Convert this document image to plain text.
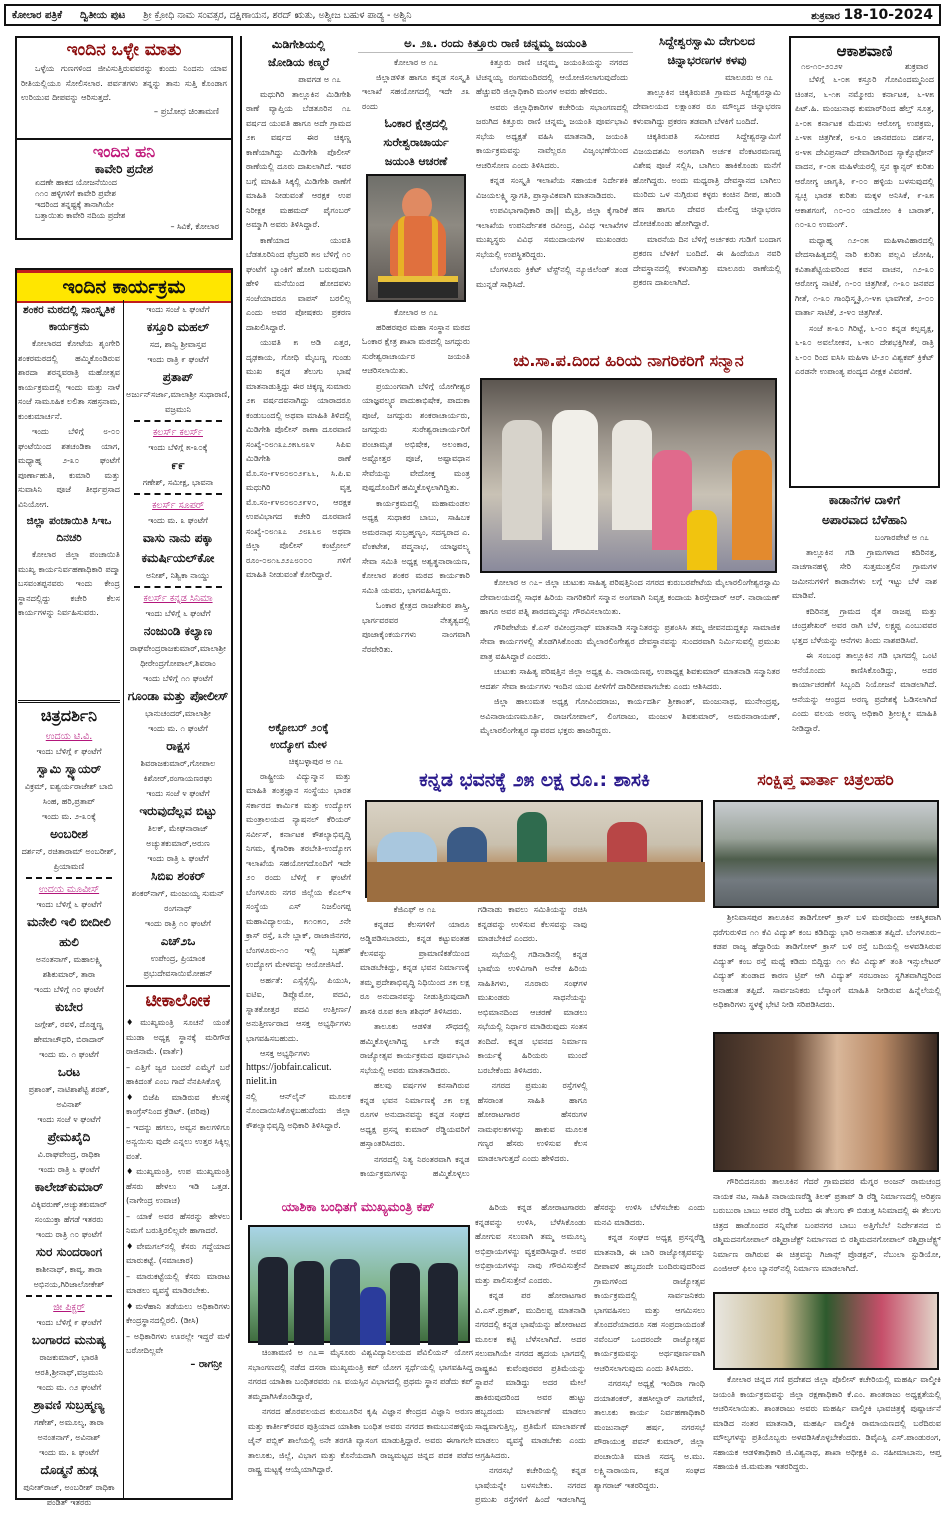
ಕೋಲಾರ ಪತ್ರಿಕೆ ದ್ವಿತೀಯ ಪುಟ ಶ್ರೀ ಕ್ರೋಧಿ ನಾಮ ಸಂವತ್ಸರ, ದಕ್ಷಿಣಾಯನ, ಶರದ್ ಋತು, ಅಶ್ವೀಜ ಬಹುಳ ಪಾಡ್ಯ - ಅಶ್ವಿನಿ	ಶುಕ್ರವಾರ 18-10-2024
ಇಂದಿನ ಒಳ್ಳೇ ಮಾತು
ಒಳ್ಳೆಯ ಗುಣಗಳಿಂದ ಜೀವಿಸುತ್ತಿರುವವರನ್ನು ಕುಂದು ನಿಂದನು ಯಾವ ರೀತಿಯಲ್ಲಿಯೂ ಸೋಲಿಸಲಾರ. ಪರ್ವತಗಳು ತನ್ನನ್ನು ತಾನು ಸುತ್ತಿ ಕೊಂಡಾಗ ಉರಿಯುವ ದೀಪವನ್ನು ಆರಿಸುತ್ತದೆ.
– ಪ್ರಬೋಧ ಚಿಂತಾಮಣಿ
ಇಂದಿನ ಹನಿ
ಕಾವೇರಿ ಪ್ರದೇಶ
ಏದಣೇ ಹಾಕದ ಯೋಜನೆಯಿಂದ
೧೧೦ ಹಳ್ಳಿಗಳಿಗೆ ಕಾವೇರಿ ಪ್ರವೇಶ
ಇದರಿಂದ ತನ್ನಷ್ಟಕ್ಕೆ ತಾನಾಗಿಯೇ
ಬತ್ತಾಯಿತು ಕಾವೇರಿ ನದಿಯ ಪ್ರದೇಶ
– ಸಿವಿಕೆ, ಕೋಲಾರ
ಇಂದಿನ ಕಾರ್ಯಕ್ರಮ
ಶಂಕರ ಮಠದಲ್ಲಿ ಸಾಂಸ್ಕೃತಿಕ ಕಾರ್ಯಕ್ರಮ
ಕೋಲಾರದ ಕೋಟೆಯ ಶೃಂಗೇರಿ ಶಂಕರಮಠದಲ್ಲಿ ಹಮ್ಮಿಕೊಂಡಿರುವ ಶಾರದಾ ಶರನ್ನವರಾತ್ರಿ ಮಹೋತ್ಸವ ಕಾರ್ಯಕ್ರಮದಲ್ಲಿ ಇಂದು ಮತ್ತು ನಾಳೆ ಸಂಜೆ ಸಾಮೂಹಿಕ ಲಲಿತಾ ಸಹಸ್ರನಾಮ, ಕುಂಕುಮಾರ್ಚನೆ.
ಇಂದು ಬೆಳಿಗ್ಗೆ ೮-೦೦ ಘಂಟೆಯಿಂದ ಶತಚಂಡಿಕಾ ಯಾಗ, ಮಧ್ಯಾಹ್ನ ೨-೩೦ ಘಂಟೆಗೆ ಪೂರ್ಣಾಹುತಿ, ಕುಮಾರಿ ಮತ್ತು ಸುವಾಸಿನಿ ಪೂಜೆ ತೀರ್ಥಪ್ರಸಾದ ವಿನಿಯೋಗ.
ಜಿಲ್ಲಾ ಪಂಚಾಯಿತಿ ಸಿಇಒ ದಿನಚರಿ
ಕೋಲಾರ ಜಿಲ್ಲಾ ಪಂಚಾಯಿತಿ ಮುಖ್ಯ ಕಾರ್ಯನಿರ್ವಹಣಾಧಿಕಾರಿ ಪದ್ಮಾ ಬಸವಂತಪ್ಪನವರು ಇಂದು ಕೇಂದ್ರ ಸ್ಥಾನದಲ್ಲಿದ್ದು ಕಚೇರಿ ಕೆಲಸ ಕಾರ್ಯಗಳನ್ನು ನಿರ್ವಹಿಸುವರು.
ಇಂದು ಸಂಜೆ ೬ ಘಂಟೆಗೆ
ಕಸ್ತೂರಿ ಮಹಲ್
ಸದ, ಶಾನ್ವಿ ಶ್ರೀವಾಸ್ತವ
ಇಂದು ರಾತ್ರಿ ೯ ಘಂಟೆಗೆ
ಪ್ರತಾಪ್
ಅರ್ಜುನ್‌ಸರ್ಜಾ,ಮಾಲಾಶ್ರೀ ಸುಧಾರಾಣಿ, ವಜ್ರಮುನಿ
ಕಲರ್ಸ್ ಕಲರ್ಸ್
ಇಂದು ಬೆಳಿಗ್ಗೆ ೫-೩೦ಕ್ಕೆ
೯೯
ಗಣೇಶ್, ಸಮೀಕ್ಷ, ಭಾವನಾ
ಕಲರ್ಸ್ ಸೂಪರ್
ಇಂದು ಮ. ೩ ಘಂಟೆಗೆ
ವಾಸು ನಾನು ಪಕ್ಕಾ ಕಮರ್ಷಿಯಲ್‌ಕೋ
ಅನೀಶ್, ನಿಶ್ವಿಕಾ ನಾಯ್ಡು
ಕಲರ್ಸ್ ಕನ್ನಡ ಸಿನಿಮಾ
ಇಂದು ಬೆಳಿಗ್ಗೆ ೬ ಘಂಟೆಗೆ
ನಂಜುಂಡಿ ಕಲ್ಯಾಣ
ರಾಘವೇಂದ್ರರಾಜಕುಮಾರ್,ಮಾಲಾಶ್ರೀ ಧೀರೇಂದ್ರಗೋಪಾಲ್,ಶಿವರಾಂ
ಇಂದು ಬೆಳಿಗ್ಗೆ ೧೧ ಘಂಟೆಗೆ
ಗೂಂಡಾ ಮತ್ತು ಪೋಲೀಸ್
ಭಾನುಚಂದರ್,ಮಾಲಾಶ್ರೀ
ಇಂದು ಮ. ೧ ಘಂಟೆಗೆ
ರಾಕ್ಷಸ
ಶಿವರಾಜಕುಮಾರ್,ಗೋಪಾಲ ಕಿಶೋರ್,ರಂಗಾಯಣರಘು
ಇಂದು ಸಂಜೆ ೪ ಘಂಟೆಗೆ
ಇರುವುದೆಲ್ಲವ ಬಿಟ್ಟು
ತಿಲಕ್, ಮೇಘನಾರಾಜ್ ಅಚ್ಯುತಕುಮಾರ್,ಅರುಣ
ಇಂದು ರಾತ್ರಿ ೬ ಘಂಟೆಗೆ
ಸಿಬಿಐ ಶಂಕರ್
ಶಂಕರ್‌ನಾಗ್, ಮಂಜುಯ್ಯ ಸುಮನ್ ರಂಗನಾಥ್
ಇಂದು ರಾತ್ರಿ ೧೦ ಘಂಟೆಗೆ
ಎಚ್‌೨ಒ
ಉಪೇಂದ್ರ, ಪ್ರಿಯಾಂಕ ಪ್ರಭುದೇವಸಾಯಿಮೋಹನ್
ಚಿತ್ರದರ್ಶಿನಿ
ಉದಯ ಟಿ.ವಿ.
ಇಂದು ಬೆಳಿಗ್ಗೆ ೯ ಘಂಟೆಗೆ
ಸ್ವಾಮಿ ಸ್ವ್ಯಾಯರ್
ವಿಕ್ರಮ್, ಐಶ್ವರ್ಯರಾಜೇಶ್ ಬಾಬಿ ಸಿಂಹ, ಹರಿ,ಪ್ರತಾಪ್
ಇಂದು ಮ. ೨-೩೦ಕ್ಕೆ
ಅಂಬರೀಶ
ದರ್ಶನ್, ರಚಿತಾರಾಮ್ ಅಂಬರೀಶ್, ಪ್ರಿಯಾಮಣಿ
ಉದಯ ಮೂವೀಸ್
ಇಂದು ಬೆಳಿಗ್ಗೆ ೬ ಘಂಟೆಗೆ
ಮನೇಲಿ ಇಲಿ ಬೀದೀಲಿ ಹುಲಿ
ಅನಂತನಾಗ್, ಮಹಾಲಕ್ಷ್ಮಿ ಶಶಿಕುಮಾರ್, ತಾರಾ
ಇಂದು ಬೆಳಿಗ್ಗೆ ೧೦ ಘಂಟೆಗೆ
ಕುಬೇರ
ಜಗ್ಗೇಶ್, ರವಳಿ, ದೊಡ್ಡಣ್ಣ ಹೇಮಾಚೌಧರಿ, ಬಿರಾದಾರ್
ಇಂದು ಮ. ೧ ಘಂಟೆಗೆ
ಒರಟ
ಪ್ರಶಾಂತ್, ನಾಟಿಶಾಶೆಟ್ಟಿ ಶರತ್, ಅವಿನಾಶ್
ಇಂದು ಸಂಜೆ ೪ ಘಂಟೆಗೆ
ಪ್ರೇಮಖೈದಿ
ವಿ.ರಾಘವೇಂದ್ರ, ರಾಧಿಕಾ
ಇಂದು ರಾತ್ರಿ ೬ ಘಂಟೆಗೆ
ಕಾಲೇಜ್‌ಕುಮಾರ್
ವಿಕ್ಕಿವರುಣ್,ಅಚ್ಯುತಕುಮಾರ್ ಸಂಯುಕ್ತಾ ಹೆಗಡೆ ಇತರರು
ಇಂದು ರಾತ್ರಿ ೧೦ ಘಂಟೆಗೆ
ಸುರ ಸುಂದರಾಂಗ
ಕಾಶೀನಾಥ್, ಕಾವ್ಯ, ತಾರಾ ಅಭಿನಯ,ಗಿರಿಜಾಲೋಕೇಶ್
ಜೀ ಪಿಕ್ಚರ್
ಇಂದು ಬೆಳಿಗ್ಗೆ ೯ ಘಂಟೆಗೆ
ಬಂಗಾರದ ಮನುಷ್ಯ
ರಾಜಕುಮಾರ್, ಭಾರತಿ ಆರತಿ,ಶ್ರೀನಾಥ್,ವಜ್ರಮುನಿ
ಇಂದು ಮ. ೧೨ ಘಂಟೆಗೆ
ಶ್ರಾವಣಿ ಸುಬ್ರಹ್ಮಣ್ಯ
ಗಣೇಶ್, ಅಮೂಲ್ಯ, ತಾರಾ ಅನಂತನಾಗ್, ಅವಿನಾಶ್
ಇಂದು ಮ. ೩ ಘಂಟೆಗೆ
ದೊಡ್ಮನೆ ಹುಡ್ಗ
ಪುನೀತ್‌ರಾಜ್, ಅಂಬರೀಶ್ ರಾಧಿಕಾ ಪಂಡಿತ್ ಇತರರು
ಟೀಕಾಲೋಕ
♦ಮುಖ್ಯಮಂತ್ರಿ ಸೂಚನೆ ಯಂತೆ ಮುಡಾ ಅಧ್ಯಕ್ಷ ಸ್ಥಾನಕ್ಕೆ ಮರಿಗೌಡ ರಾಜಿನಾಮೆ. (ವಾರ್ತೆ)
– ಎತ್ತಿಗೆ ಜ್ವರ ಬಂದರೆ ಎಮ್ಮೆಗೆ ಬರೆ ಹಾಕಿದಂತೆ ಎಂಬ ಗಾದೆ ನೆನಪಿಸಿಕೊಳ್ಳಿ
♦ಬಿಜೆಪಿ ಮಾಡಿರುವ ಕೆಲಸಕ್ಕೆ ಕಾಂಗ್ರೆಸ್‌ನಿಂದ ಕ್ರೆಡಿಟ್. (ಪರಿಪು)
– ಇದನ್ನು ಹಗಲು, ಅವ್ವನ ಕಾಲಗಳಿಗೂ ಅನ್ವಯಿಸು ವುದೇ ಎನ್ನಲು ಉತ್ತರ ಸಿಕ್ಕಿಲ್ಲ ವಂತೆ.
♦ಮುಖ್ಯಮಂತ್ರಿ, ಉಪ ಮುಖ್ಯಮಂತ್ರಿ ಹೆಸರು ಹೇಳಲು ಇಡಿ ಒತ್ತಡ. (ನಾಗೇಂದ್ರ ಉವಾಚ)
– ಯಾಕೆ ಅವರ ಹೆಸರನ್ನು ಹೇಳಲು ನಿಮಗೆ ಬರುತ್ತಿರಲಿಲ್ಲವೇ ಹಾಗಾದರೆ.
♦ವೇಮಗಲ್‌ನಲ್ಲಿ ಕೆಸರು ಗದ್ದೆಯಾದ ಮಾರುಕಟ್ಟೆ. (ಸಮಾಚಾರ)
– ಮಾರುಕಟ್ಟೆಯಲ್ಲಿ ಕೆಸರು ಮಾರಾಟ ಮಾಡಲು ವ್ಯವಸ್ಥೆ ಮಾಡಿರಬೇಕು.
♦ಮಳೆಹಾನಿ ತಡೆಯಲು ಅಧಿಕಾರಿಗಳು ಕೇಂದ್ರಸ್ಥಾನದಲ್ಲಿರಲಿ. (ಡೀಸಿ)
– ಅಧಿಕಾರಿಗಳು ಊರಲ್ಲೇ ಇದ್ದರೆ ಮಳೆ ಬರೋದಿಲ್ಲವೇ
– ರಾಗನ್ರೀ
ಮಿಡಿಗೇಶಿಯಲ್ಲಿ
ಜೋಡಿಯ ಕಣ್ಮರೆ
ಪಾವಗಡ ಅ ೧೭
ಮಧುಗಿರಿ ತಾಲ್ಲೂಕಿನ ಮಿಡಿಗೇಶಿ ಠಾಣೆ ವ್ಯಾಪ್ತಿಯ ಬೆಡತೂರಿನ ೧೭ ವರ್ಷದ ಯುವತಿ ಹಾಗೂ ಅದೇ ಗ್ರಾಮದ ೨೫ ವರ್ಷದ ಈರ ಚಿಕ್ಕಣ್ಣ ಕಾಣೆಯಾಗಿದ್ದು ಮಿಡಿಗೇಶಿ ಪೊಲೀಸ್ ಠಾಣೆಯಲ್ಲಿ ದೂರು ದಾಖಲಾಗಿದೆ. ಇವರ ಬಗ್ಗೆ ಮಾಹಿತಿ ಸಿಕ್ಕಲ್ಲಿ ಮಿಡಿಗೇಶಿ ಠಾಣೆಗೆ ಮಾಹಿತಿ ನೀಡುವಂತೆ ಆರಕ್ಷಕ ಉಪ ನಿರೀಕ್ಷಕ ಮಹಮದ್ ಪೈಗಂಬರ್ ಅಮ್ಮಾಗಿ ಅವರು ತಿಳಿಸಿದ್ದಾರೆ.
ಕಾಣೆಯಾದ ಯುವತಿ ಬೆಡತೂರಿನಿಂದ ಫೆಬ್ರವರಿ ೫೮ ಬೆಳಿಗ್ಗೆ ೧೦ ಘಂಟೆಗೆ ಬ್ಯಾಂಕಿಗೆ ಹೋಗಿ ಬರುವುದಾಗಿ ಹೇಳಿ ಮನೆಯಿಂದ ಹೋದವಳು ಸಂಜೆಯಾದರೂ ವಾಪಸ್ ಬರಲಿಲ್ಲ ಎಂದು ಅವರ ಪೋಷಕರು ಪ್ರಕರಣ ದಾಖಲಿಸಿದ್ದಾರೆ.
ಯುವತಿ ೫ ಅಡಿ ಎತ್ತರ, ದೃಢಕಾಯ, ಗೋಧಿ ಮೈಬಣ್ಣ ಗುಂಡು ಮುಖ ಕನ್ನಡ ತೆಲುಗು ಭಾಷೆ ಮಾತನಾಡುತ್ತಿದ್ದು ಈರ ಚಿಕ್ಕಣ್ಣ ಸುಮಾರು ೨೫ ವರ್ಷದವನಾಗಿದ್ದು ಯಾರಾದರೂ ಕಂಡುಬಂದಲ್ಲಿ ಅಥವಾ ಮಾಹಿತಿ ತಿಳಿದಲ್ಲಿ ಮಿಡಿಗೇಶಿ ಪೊಲೀಸ್ ಠಾಣಾ ದೂರವಾಣಿ ಸಂಖ್ಯೆ-೦೮೧೩೭೨೫೬೮೩೪ ಸಿಪಿಐ ಮಿಡಿಗೇಶಿ ಠಾಣೆ ಮೊ.ಸಂ-೯೪೮೦೮೦೨೯೬೬, ಸಿ.ಪಿ.ಐ ಮಧುಗಿರಿ ವೃತ್ತ ಮೊ.ಸಂ-೯೪೮೦೮೦೨೯೪೦, ಆರಕ್ಷಕ ಉಪವಿಭಾಗದ ಕಚೇರಿ ದೂರವಾಣಿ ಸಂಖ್ಯೆ-೦೮೧೩೭ ೨೮೩೬೮ ಅಥವಾ ಜಿಲ್ಲಾ ಪೊಲೀಸ್ ಕಂಟ್ರೋಲ್ ರೂಂ-೦೮೧೬೨೨೭೮೦೦೦ ಗಳಿಗೆ ಮಾಹಿತಿ ನೀಡುವಂತೆ ಕೋರಿದ್ದಾರೆ.
ಅಕ್ಟೋಬರ್ ೨೦ಕ್ಕೆ
ಉದ್ಯೋಗ ಮೇಳ
ಚಿಕ್ಕಬಳ್ಳಾಪುರ ಅ ೧೭
ರಾಷ್ಟ್ರೀಯ ವಿದ್ಯುನ್ಮಾನ ಮತ್ತು ಮಾಹಿತಿ ತಂತ್ರಜ್ಞಾನ ಸಂಸ್ಥೆಯು ಭಾರತ ಸರ್ಕಾರದ ಕಾರ್ಮಿಕ ಮತ್ತು ಉದ್ಯೋಗ ಮಂತ್ರಾಲಯದ ನ್ಯಾಷನಲ್ ಕೆರಿಯರ್ ಸರ್ವೀಸ್, ಕರ್ನಾಟಕ ಕೌಶಲ್ಯಾಭಿವೃದ್ಧಿ ನಿಗಮ, ಕೈಗಾರಿಕಾ ತರಬೇತಿ-ಉದ್ಯೋಗ ಇಲಾಖೆಯ ಸಹಯೋಗದೊಂದಿಗೆ ಇದೇ ೨೦ ರಂದು ಬೆಳಿಗ್ಗೆ ೯ ಘಂಟೆಗೆ ಬೆಂಗಳೂರು ನಗರ ಜಿಲ್ಲೆಯ ಕೆಎಲ್‌ಇ ಸಂಸ್ಥೆಯ ಎಸ್ ನಿಜಲಿಂಗಪ್ಪ ಮಹಾವಿದ್ಯಾಲಯ, ೫೧೦೫೦, ೨ನೇ ಕ್ರಾಸ್ ರಸ್ತೆ, ೩ನೇ ಬ್ಲಾಕ್, ರಾಜಾಜಿನಗರ, ಬೆಂಗಳೂರು-೧೦ ಇಲ್ಲಿ ಬೃಹತ್ ಉದ್ಯೋಗ ಮೇಳವನ್ನು ಆಯೋಜಿಸಿದೆ.
ಅರ್ಹತೆ: ಎಸ್ಸೆಸ್ಸೆಲ್ಸಿ, ಪಿಯುಸಿ, ಐಟಿಐ, ಡಿಪ್ಲೊಮೋ, ಪದವಿ, ಸ್ನಾತಕೋತ್ತರ ಪದವಿ ಉತ್ತೀರ್ಣ/ಅನುತ್ತೀರ್ಣರಾದ ಆಸಕ್ತ ಅಭ್ಯರ್ಥಿಗಳು ಭಾಗವಹಿಸಬಹುದು.
ಆಸಕ್ತ ಅಭ್ಯರ್ಥಿಗಳು
https://jobfair.calicut. nielit.in
ನಲ್ಲಿ ಆನ್‌ಲೈನ್ ಮೂಲಕ ನೊಂದಾಯಿಸಿಕೊಳ್ಳಬಹುದೆಂದು ಜಿಲ್ಲಾ ಕೌಶಲ್ಯಾಭಿವೃದ್ಧಿ ಅಧಿಕಾರಿ ತಿಳಿಸಿದ್ದಾರೆ.
ಅ. ೨೩. ರಂದು ಕಿತ್ತೂರು ರಾಣಿ ಚನ್ನಮ್ಮ ಜಯಂತಿ
ಕೋಲಾರ ಅ ೧೭
ಜಿಲ್ಲಾಡಳಿತ ಹಾಗೂ ಕನ್ನಡ ಸಂಸ್ಕೃತಿ ಇಲಾಖೆ ಸಹಯೋಗದಲ್ಲಿ ಇದೇ ೨೩ ರಂದು
ಓಂಕಾರ ಕ್ಷೇತ್ರದಲ್ಲಿ
ಸುರೇಶ್ವರಾಚಾರ್ಯ
ಜಯಂತಿ ಆಚರಣೆ
ಕೋಲಾರ ಅ ೧೭
ಹರಿಹರಪುರ ಮಹಾ ಸಂಸ್ಥಾನ ಮಠದ ಓಂಕಾರ ಕ್ಷೇತ್ರ ಶಾಖಾ ಮಠದಲ್ಲಿ ಜಗದ್ಗುರು ಸುರೇಶ್ವರಾಚಾರ್ಯರ ಜಯಂತಿ ಆಚರಿಸಲಾಯಿತು.
ಪ್ರಯುಂಗವಾಗಿ ಬೆಳಿಗ್ಗೆ ಯೋಗೀಶ್ವರ ಯಾಜ್ಞವಲ್ಕ್ಯರ ಪಾದುಕಾಭಿಷೇಕ, ಪಾದುಕಾ ಪೂಜೆ, ಜಗದ್ಗುರು ಶಂಕರಾಚಾರ್ಯರು, ಜಗದ್ಗುರು ಸುರೇಶ್ವರಾಚಾರ್ಯರಿಗೆ ಪಂಚಾಮೃತ ಅಭಿಷೇಕ, ಅಲಂಕಾರ, ಅಷ್ಟೋತ್ತರ ಪೂಜೆ, ಅಷ್ಟಾವಧಾನ ಸೇವೆಯನ್ನು ವೇದೋಕ್ತ ಮಂತ್ರ ಪುಷ್ಪದೊಂದಿಗೆ ಹಮ್ಮಿಕೊಳ್ಳಲಾಗಿದ್ದಿತು.
ಕಾರ್ಯಕ್ರಮದಲ್ಲಿ ಮಹಾಮಂಡಲ ಅಧ್ಯಕ್ಷ ಸುಧಾಕರ ಬಾಬು, ಸಾಹಿಬಕ ಅಮರನಾಥ ಸುಬ್ರಹ್ಮಣ್ಯಂ, ಸದಸ್ಯರಾದ ಎ. ವೆಂಕಟೇಶ, ಪದ್ಮನಾಭ, ಯಾಜ್ಞವಲ್ಕ್ಯ ಸೇವಾ ಸಮಿತಿ ಅಧ್ಯಕ್ಷ ಅಶ್ವತ್ಥನಾರಾಯಣ, ಕೋಲಾರ ಶಂಕರ ಮಠದ ಕಾರ್ಯಕಾರಿ ಸಮಿತಿ ಯವರು, ಭಾಗವಹಿಸಿದ್ದರು.
ಓಂಕಾರ ಕ್ಷೇತ್ರದ ರಾಜಶೇಖರ ಶಾಸ್ತ್ರಿ, ಭಾರ್ಗವರವರ ನೇತೃತ್ವದಲ್ಲಿ ಪೂಜಾಕೈಂಕರ್ಯಗಳು ನಾಂಗವಾಗಿ ನೆರವೇರಿತು.
ಕಿತ್ತೂರು ರಾಣಿ ಚನ್ನಮ್ಮ ಜಯಂತಿಯನ್ನು ನಗರದ ಟಿಚನ್ನಯ್ಯ ರಂಗಮಂದಿರದಲ್ಲಿ ಆಯೋಜಿಸಲಾಗುವುದೆಂದು ಹೆಚ್ಚುವರಿ ಜಿಲ್ಲಾಧಿಕಾರಿ ಮಂಗಳ ಅವರು ಹೇಳಿದರು.
ಅವರು ಜಿಲ್ಲಾಧಿಕಾರಿಗಳ ಕಚೇರಿಯ ಸಭಾಂಗಣದಲ್ಲಿ ಜರುಗಿದ ಕಿತ್ತೂರು ರಾಣಿ ಚನ್ನಮ್ಮ ಜಯಂತಿ ಪೂರ್ವಭಾವಿ ಸಭೆಯ ಅಧ್ಯಕ್ಷತೆ ವಹಿಸಿ ಮಾತನಾಡಿ, ಜಯಂತಿ ಕಾರ್ಯಕ್ರಮವನ್ನು ನಾವೆಲ್ಲರೂ ವಿಜೃಂಭಣೆಯಿಂದ ಆಚರಿಸೋಣ ಎಂದು ತಿಳಿಸಿದರು.
ಕನ್ನಡ ಸಂಸ್ಕೃತಿ ಇಲಾಖೆಯ ಸಹಾಯಕ ನಿರ್ದೇಶಕಿ ವಿಜಯಲಕ್ಷ್ಮಿ ಸ್ವಾಗತಿ, ಪ್ರಾಸ್ತಾವಿಕವಾಗಿ ಮಾತನಾಡಿದರು.
ಉಪವಿಭಾಗಾಧಿಕಾರಿ ಡಾ|| ಮೈತ್ರಿ, ಜಿಲ್ಲಾ ಕೈಗಾರಿಕೆ ಇಲಾಖೆಯ ಉಪನಿರ್ದೇಶಕ ರವೀಂದ್ರ, ವಿವಿಧ ಇಲಾಖೆಗಳ ಮುಖ್ಯಸ್ಥರು ವಿವಿಧ ಸಮುದಾಯಗಳ ಮುಖಂಡರು ಸಭೆಯಲ್ಲಿ ಉಪಸ್ಥಿತರಿದ್ದರು.
ಬೆಂಗಳೂರು ಕ್ರಿಕೆಟ್ ಟೆಸ್ಟ್‌ನಲ್ಲಿ ನ್ಯೂಜಿಲೆಂಡ್ ತಂಡ ಮುನ್ನಡೆ ಸಾಧಿಸಿದೆ.
ಸಿದ್ದೇಶ್ವರಸ್ವಾಮಿ ದೇಗುಲದ
ಚಿನ್ನಾಭರಣಗಳ ಕಳವು
ಮಾಲೂರು ಅ ೧೭
ತಾಲ್ಲೂಕಿನ ಚಿಕ್ಕತಿರುಪತಿ ಗ್ರಾಮದ ಸಿದ್ದೇಶ್ವರಸ್ವಾಮಿ ದೇವಾಲಯದ ಲಕ್ಷಾಂತರ ರೂ ಮೌಲ್ಯದ ಚಿನ್ನಾಭರಣ ಕಳುವಾಗಿದ್ದು ಪ್ರಕರಣ ತಡವಾಗಿ ಬೆಳಕಿಗೆ ಬಂದಿದೆ.
ಚಿಕ್ಕತಿರುಪತಿ ಸಮೀಪದ ಸಿದ್ದೇಶ್ವರಸ್ವಾಮಿಗೆ ವಿಜಯದಶಮಿ ಅಂಗವಾಗಿ ಅರ್ಚಕ ವೆಂಕಟರಮಣಪ್ಪ ವಿಶೇಷ ಪೂಜೆ ಸಲ್ಲಿಸಿ, ಬಾಗಿಲು ಹಾಕಿಕೊಂಡು ಮನೆಗೆ ಹೋಗಿದ್ದರು. ಅಂದು ಮಧ್ಯರಾತ್ರಿ ದೇವಸ್ಥಾನದ ಬಾಗಿಲು ಮುರಿದು ಒಳ ನುಗ್ಗಿರುವ ಕಳ್ಳರು ಕಂಚಿನ ದೀಪ, ಹುಂಡಿ ಹಣ ಹಾಗೂ ದೇವರ ಮೇಲಿದ್ದ ಚಿನ್ನಾಭರಣ ದೋಚಿಕೊಂಡು ಹೋಗಿದ್ದಾರೆ.
ಮಾರನೆಯ ದಿನ ಬೆಳಿಗ್ಗೆ ಅರ್ಚಕರು ಗುಡಿಗೆ ಬಂದಾಗ ಪ್ರಕರಣ ಬೆಳಕಿಗೆ ಬಂದಿದೆ. ಈ ಹಿಂದೆಯೂ ನವರಿ ದೇವಸ್ಥಾನದಲ್ಲಿ ಕಳುವಾಗಿತ್ತು ಮಾಲೂರು ಠಾಣೆಯಲ್ಲಿ ಪ್ರಕರಣ ದಾಖಲಾಗಿದೆ.
ಚು.ಸಾ.ಪ.ದಿಂದ ಹಿರಿಯ ನಾಗರಿಕರಿಗೆ ಸನ್ಮಾನ
ಕೋಲಾರ ಅ ೧೭– ಜಿಲ್ಲಾ ಚುಟುಕು ಸಾಹಿತ್ಯ ಪರಿಷತ್ತಿನಿಂದ ನಗರದ ಕುರುಬರಪೇಟೆಯ ಮೈಲಾರಲಿಂಗೇಶ್ವರಸ್ವಾಮಿ ದೇವಾಲಯದಲ್ಲಿ ಸಾಧಕ ಹಿರಿಯ ನಾಗರಿಕರಿಗೆ ಸನ್ಮಾನ ಅಂಗವಾಗಿ ನಿವೃತ್ತ ಕಂದಾಯ ಶಿರಸ್ತೇದಾರ್ ಆರ್. ನಾರಾಯಣ್ ಹಾಗೂ ಅವರ ಪತ್ನಿ ಶಾರದಮ್ಮನನ್ನು ಗೌರವಿಸಲಾಯಿತು.
ಗೌರಿಪೇಟೆಯ ಕೆ.ಎಸ್ ರವೀಂದ್ರನಾಥ್ ಮಾತನಾಡಿ ಸನ್ಮಾನಿತರನ್ನು ಪ್ರಶಂಸಿಸಿ ತಮ್ಮ ಜೀವನದುದ್ದಕ್ಕೂ ಸಾಮಾಜಿಕ ಸೇವಾ ಕಾರ್ಯಗಳಲ್ಲಿ ತೊಡಗಿಸಿಕೊಂಡು ಮೈಲಾರಲಿಂಗೇಶ್ವರ ದೇವಸ್ಥಾನವನ್ನು ಸುಂದರವಾಗಿ ನಿರ್ಮಿಸುವಲ್ಲಿ ಪ್ರಮುಖ ಪಾತ್ರ ವಹಿಸಿದ್ದಾರೆ ಎಂದರು.
ಚುಟುಕು ಸಾಹಿತ್ಯ ಪರಿಷತ್ತಿನ ಜಿಲ್ಲಾ ಅಧ್ಯಕ್ಷ ಪಿ. ನಾರಾಯಣಪ್ಪ, ಉಪಾಧ್ಯಕ್ಷ ಶಿವಕುಮಾರ್ ಮಾತನಾಡಿ ಸನ್ಮಾನಿತರ ಆದರ್ಶ ಸೇವಾ ಕಾರ್ಯಗಳು ಇಂದಿನ ಯುವ ಪೀಳಿಗೆಗೆ ದಾರಿದೀಪವಾಗಬೇಕು ಎಂದು ಆಶಿಸಿದರು.
ಜಿಲ್ಲಾ ಹಾಲುಮತ ಅಧ್ಯಕ್ಷ ಗೋವಿಂದರಾಜು, ಕಾರ್ಯದರ್ಶಿ ಶ್ರೀಕಾಂತ್, ಮಂಜುನಾಥ, ಮುನೇಂದ್ರಪ್ಪ, ಅವಿನಾರಾಯಣಮೂರ್ತಿ, ರಾಜಗೋಪಾಲ್, ಲಿಂಗರಾಜು, ಮಂಜುಳ ಶಿವಕುಮಾರ್, ಅಮರನಾರಾಯಣ್, ಮೈಲಾರಲಿಂಗೇಶ್ವರ ದ್ಯಾವರದ ಭಕ್ತರು ಹಾಜರಿದ್ದರು.
ಆಕಾಶವಾಣಿ
೧೮-೧೦-೨೦೨೪	ಶುಕ್ರವಾರ
ಬೆಳಿಗ್ಗೆ ೬-೦೫ ಕಸ್ತೂರಿ ಗೋವಿಂದಮ್ಮನಿಂದ ಚಿಂತನ, ೬-೧೫ ನಮ್ಮೋರು ಕರ್ನಾಟಕ, ೬-೪೫ ಪಿಟ್.ಹಿ. ಮಂಜುನಾಥ ಕುಮಾರ್‌ರಿಂದ ಹೆಲ್ತ್ ಸೂತ್ರ, ೭-೦೫ ಕರ್ನಾಟಕ ಮೆದುಳು ಆರೋಗ್ಯ ಉಪಕ್ರಮ, ೭-೪೫ ಚಿತ್ರಗೀತೆ, ೮-೩೦ ಜಾನಪದಂಬ ದರ್ಶನ, ೮-೪೫ ದೇವಿಪ್ರಸಾದ್ ದೇವಾಡಿಗರಿಂದ ಸ್ಯಾಕ್ಸೊಫೋನ್ ವಾದನ, ೯-೦೫ ಮಹಿಳೆಯರಲ್ಲಿ ಸ್ತನ ಕ್ಯಾನ್ಸರ್ ಕುರಿತು ಆರೋಗ್ಯ ಜಾಗೃತಿ, ೯-೦೦ ಹಳ್ಳಿಯ ಬಳಸುವುದಲ್ಲಿ ಸ್ವಚ್ಛ ಭಾರತ ಕುರಿತು ಮಕ್ಕಳ ಅನಿಸಿಕೆ, ೯-೩೫ ಆಕಾಶಗಂಗೆ, ೧೦-೦೦ ಯಾದೋಂ ಕಿ ಬಾರಾತ್, ೧೦-೩೦ ಉಮಂಗ್.
ಮಧ್ಯಾಹ್ನ ೧೨-೦೫ ಮಹಿಳಾವಿಹಾರದಲ್ಲಿ ವೇದಸಾಹಿತ್ಯದಲ್ಲಿ ನಾರಿ ಕುರಿತು ಪಲ್ಲವಿ ಜೋಷಿ, ಕವಿತಾಶೆಟ್ಟಿಯವರಿಂದ ಕವನ ವಾಚನ, ೧೨-೩೦ ಆರೋಗ್ಯ ನಾಟಿಕೆ, ೧-೦೦ ಚಿತ್ರಗೀತೆ, ೧-೩೦ ಜನಪದ ಗೀತೆ, ೧-೩೦ ಗಾಂಧಿಸ್ಮೃತಿ,೧-೪೫ ಭಾವಗೀತೆ, ೨-೦೦ ವಾರ್ತಾ ಸಾಟಿಕೆ, ೨-೪೦ ಚಿತ್ರಗೀತೆ.
ಸಂಜೆ ೫-೩೦ ಗಿರಿಟ್ಟೆ, ೬-೦೦ ಕನ್ನಡ ಕಲ್ಪವೃಕ್ಷ, ೬-೩೦ ಅವಲೋಕನ, ೬-೫೦ ದೇಶಭಕ್ತಿಗೀತೆ, ರಾತ್ರಿ ೬-೦೦ ರಿಂದ ಐಸಿಸಿ ಮಹಿಳಾ ಟಿ-೨೦ ವಿಶ್ವಕಪ್ ಕ್ರಿಕೆಟ್ ಎರಡನೇ ಉಪಾಂತ್ಯ ಪಂದ್ಯದ ವೀಕ್ಷಕ ವಿವರಣೆ.
ಕಾಡಾನೆಗಳ ದಾಳಿಗೆ
ಅಪಾರವಾದ ಬೆಳೆಹಾನಿ
ಬಂಗಾರಪೇಟೆ ಅ ೧೭
ತಾಲ್ಲೂಕಿನ ಗಡಿ ಗ್ರಾಮಗಳಾದ ಕದಿರಿನತ್ತ, ನಾಚಗಾನಹಳ್ಳಿ ಸೇರಿ ಸುತ್ತಮುತ್ತಲಿನ ಗ್ರಾಮಗಳ ಜಮೀನುಗಳಿಗೆ ಕಾಡಾನೆಗಳು ಲಗ್ಗೆ ಇಟ್ಟು ಬೆಳೆ ನಾಶ ಮಾಡಿವೆ.
ಕದಿರಿನತ್ತ ಗ್ರಾಮದ ರೈತ ರಾಜಪ್ಪ ಮತ್ತು ಚಂದ್ರಶೇಖರ್ ಅವರ ರಾಗಿ ಬೆಳೆ, ಲಕ್ಷ್ಮಪ್ಪ ಎಂಬುವವರ ಭತ್ತದ ಬೆಳೆಯನ್ನು ಆನೆಗಳು ತಿಂದು ನಾಶಪಡಿಸಿವೆ.
ಈ ಸಂಬಂಧ ತಾಲ್ಲೂಕಿನ ಗಡಿ ಭಾಗದಲ್ಲಿ ಒಂಟಿ ಆನೆಯೊಂದು ಕಾಣಿಸಿಕೊಂಡಿದ್ದು, ಅದರ ಕಾರ್ಯಾಚರಣೆಗೆ ಸಿಬ್ಬಂದಿ ನಿಯೋಜನೆ ಮಾಡಲಾಗಿದೆ. ಆನೆಯನ್ನು ಆಂಧ್ರದ ಅರಣ್ಯ ಪ್ರದೇಶಕ್ಕೆ ಓಡಿಸಲಾಗಿದೆ ಎಂದು ವಲಯ ಅರಣ್ಯ ಅಧಿಕಾರಿ ಶ್ರೀಲಕ್ಷ್ಮೀ ಮಾಹಿತಿ ನೀಡಿದ್ದಾರೆ.
ಕನ್ನಡ ಭವನಕ್ಕೆ ೨೫ ಲಕ್ಷ ರೂ.: ಶಾಸಕಿ
ಕೆಜಿಎಫ್ ಅ ೧೭
ಕನ್ನಡದ ಕೆಲಸಗಳಿಗೆ ಯಾರೂ ಅಡ್ಡಿಪಡಿಸಬಾರದು, ಕನ್ನಡ ಕಟ್ಟುವಂತಹ ಕೆಲಸವನ್ನು ಪ್ರಾಮಾಣಿಕತೆಯಿಂದ ಮಾಡಬೇಕಿದ್ದು, ಕನ್ನಡ ಭವನ ನಿರ್ಮಾಣಕ್ಕೆ ತಮ್ಮ ಪ್ರದೇಶಾಭಿವೃದ್ಧಿ ನಿಧಿಯಿಂದ ೨೫ ಲಕ್ಷ ರೂ ಅನುದಾನವನ್ನು ನೀಡುತ್ತಿರುವುದಾಗಿ ಶಾಸಕಿ ರೂಪ ಕಲಾ ಶಶಿಧರ್ ತಿಳಿಸಿದರು.
ತಾಲೂಕು ಆಡಳಿತ ಸೌಧದಲ್ಲಿ ಹಮ್ಮಿಕೊಳ್ಳಲಾಗಿದ್ದ ೬೯ನೇ ಕನ್ನಡ ರಾಜ್ಯೋತ್ಸವ ಕಾರ್ಯಕ್ರಮದ ಪೂರ್ವಭಾವಿ ಸಭೆಯಲ್ಲಿ ಅವರು ಮಾತನಾಡಿದರು.
ಹಲವು ವರ್ಷಗಳ ಕನಸಾಗಿರುವ ಕನ್ನಡ ಭವನ ನಿರ್ಮಾಣಕ್ಕೆ ೨೫ ಲಕ್ಷ ರೂಗಳ ಅನುದಾನವನ್ನು ಕನ್ನಡ ಸಂಘದ ಅಧ್ಯಕ್ಷ ಪ್ರಸನ್ನ ಕುಮಾರ್ ರೆಡ್ಡಿಯವರಿಗೆ ಹಸ್ತಾಂತರಿಸಿದರು.
ನಗರದಲ್ಲಿ ನಿತ್ಯ ನಿರಂತರವಾಗಿ ಕನ್ನಡ ಕಾರ್ಯಕ್ರಮಗಳನ್ನು ಹಮ್ಮಿಕೊಳ್ಳಲು ಗಡಿನಾಡು ಕಾವಲು ಸಮಿತಿಯನ್ನು ರಚಿಸಿ ಕನ್ನಡವನ್ನು ಉಳಿಸುವ ಕೆಲಸವನ್ನು ನಾವು ಮಾಡಬೇಕಿದೆ ಎಂದರು.
ಸಭೆಯಲ್ಲಿ ಗಡಿನಾಡಿನಲ್ಲಿ ಕನ್ನಡ ಭಾಷೆಯ ಉಳಿವಿಗಾಗಿ ಅನೇಕ ಹಿರಿಯ ಸಾಹಿತಿಗಳು, ನೂರಾರು ಸಂಘಗಳ ಮುಖಂಡರು ಸಾಧನೆಯನ್ನು ಅಭಿಮಾನದಿಂದ ಆಚರಣೆ ಮಾಡಲು ಸಭೆಯಲ್ಲಿ ನಿರ್ಧಾರ ಮಾಡಿರುವುದು ಸಂತಸ ತಂದಿದೆ. ಕನ್ನಡ ಭವನದ ನಿರ್ಮಾಣ ಕಾರ್ಯಕ್ಕೆ ಹಿರಿಯರು ಮುಂದೆ ಬರಬೇಕೆಂದು ತಿಳಿಸಿದರು.
ನಗರದ ಪ್ರಮುಖ ರಸ್ತೆಗಳಲ್ಲಿ ಹೆಸರಾಂತ ಸಾಹಿತಿ ಹಾಗೂ ಹೋರಾಟಗಾರರ ಹೆಸರುಗಳ ನಾಮಫಲಕಗಳನ್ನು ಹಾಕುವ ಮೂಲಕ ಗಣ್ಯರ ಹೆಸರು ಉಳಿಸುವ ಕೆಲಸ ಮಾಡಲಾಗುತ್ತದೆ ಎಂದು ಹೇಳಿದರು.
ಹಿರಿಯ ಕನ್ನಡ ಹೋರಾಟಗಾರರು ಕನ್ನಡವನ್ನು ಉಳಿಸಿ, ಬೆಳೆಸಿಕೊಂಡು ಹೋಗುವ ಸಲುವಾಗಿ ತಮ್ಮ ಅಮೂಲ್ಯ ಅಭಿಪ್ರಾಯಗಳನ್ನು ವ್ಯಕ್ತಪಡಿಸಿದ್ದಾರೆ. ಅವರ ಅಭಿಪ್ರಾಯಗಳನ್ನು ನಾವು ಗೌರವಿಸುತ್ತೇನೆ ಮತ್ತು ಪಾಲಿಸುತ್ತೇನೆ ಎಂದರು.
ಕನ್ನಡ ಪರ ಹೋರಾಟಗಾರ ವಿ.ಎಸ್.ಪ್ರಕಾಶ್, ಮುದಿಲಪ್ಪ ಮಾತನಾಡಿ ನಗರದಲ್ಲಿ ಕನ್ನಡ ಭಾಷೆಯನ್ನು ಹೋರಾಟದ ಮೂಲಕ ಕಟ್ಟಿ ಬೆಳೆಸಲಾಗಿದೆ. ಅದರ ಸಲುವಾಗಿಯೇ ನಗರದ ಹೃದಯ ಭಾಗದಲ್ಲಿ ರಾಷ್ಟ್ರಕವಿ ಕುವೆಂಪುರವರ ಪ್ರತಿಮೆಯನ್ನು ಸ್ಥಾಪನೆ ಮಾಡಿದ್ದು ಅದರ ಮೇಲೆ ಹಾಕಿರುವುದರಿಂದ ಅವರ ಹುಟ್ಟು ಹಬ್ಬದಂದು ಮಾಲಾರ್ಪಣೆ ಮಾಡಲು ಸಾಧ್ಯವಾಗುತ್ತಿಲ್ಲ, ಪ್ರತಿಮೆಗೆ ಮಾಲಾರ್ಪಣೆ ಮಾಡಲು ವ್ಯವಸ್ಥೆ ಮಾಡಬೇಕು ಎಂದು ಆಗ್ರಹಿಸಿದರು.
ನಗರಸಭೆ ಕಚೇರಿಯಲ್ಲಿ ಕನ್ನಡ ಭಾಷೆಯನ್ನೇ ಬಳಸಬೇಕು. ನಗರದ ಪ್ರಮುಖ ರಸ್ತೆಗಳಿಗೆ ಹಿಂದೆ ಇಡಲಾಗಿದ್ದ ಹೆಸರನ್ನು ಉಳಿಸಿ ಬೆಳೆಸಬೇಕು ಎಂದು ಮನವಿ ಮಾಡಿದರು.
ಕನ್ನಡ ಸಂಘದ ಅಧ್ಯಕ್ಷ ಪ್ರಸನ್ನರೆಡ್ಡಿ ಮಾತನಾಡಿ, ಈ ಬಾರಿ ರಾಜ್ಯೋತ್ಸವವನ್ನು ದೀಪಾವಳಿ ಹಬ್ಬದಂದೇ ಬಂದಿರುವುದರಿಂದ ಗ್ರಾಮಗಳಿಂದ ರಾಜ್ಯೋತ್ಸವ ಕಾರ್ಯಕ್ರಮದಲ್ಲಿ ಸಾರ್ವಜನಿಕರು ಭಾಗವಹಿಸಲು ಮತ್ತು ಆಗಮಿಸಲು ತೊಂದರೆಯಾದರೂ ಸಹ ಸಂಪ್ರದಾಯದಂತೆ ನವೆಂಬರ್ ಒಂದರಂದೇ ರಾಜ್ಯೋತ್ಸವ ಕಾರ್ಯಕ್ರಮವನ್ನು ಅರ್ಥಪೂರ್ಣವಾಗಿ ಆಚರಿಸಲಾಗುವುದು ಎಂದು ತಿಳಿಸಿದರು.
ನಗರಸಭೆ ಅಧ್ಯಕ್ಷೆ ಇಂದಿರಾ ಗಾಂಧಿ ದಯಾಶಂಕರ್, ತಹಸೀಲ್ದಾರ್ ನಾಗವೇಣಿ, ತಾಲೂಕು ಕಾರ್ಯ ನಿರ್ವಹಣಾಧಿಕಾರಿ ಮಂಜುನಾಥ್ ಹರ್ಷ, ನಗರಸಭೆ ಪೌರಾಯುಕ್ತ ಪವನ್ ಕುಮಾರ್, ಜಿಲ್ಲಾ ಪಂಚಾಯಿತಿ ಮಾಜಿ ಸದಸ್ಯ ಅ.ಮು. ಲಕ್ಷ್ಮಿನಾರಾಯಣ, ಕನ್ನಡ ಸಂಘದ ಶ್ಯಾಗರಾಜ್ ಇತರರಿದ್ದರು.
ಯಾಶಿಕಾ ಬಂಧಿತಗೆ ಮುಖ್ಯಮಂತ್ರಿ ಕಪ್
ಚಿಂತಾಮಣಿ ಅ ೧೭= ಮೈಸೂರು ವಿಶ್ವವಿದ್ಯಾನಿಲಯದ ಪೆವಿಲಿಯನ್ ಯೋಗ ಸಭಾಂಗಣದಲ್ಲಿ ನಡೆದ ದಸರಾ ಮುಖ್ಯಮಂತ್ರಿ ಕಪ್ ಯೋಗ ಸ್ಪರ್ಧೆಯಲ್ಲಿ ಭಾಗವಹಿಸಿದ್ದ ನಗರದ ಯಾಶಿಕಾ ಬಂಧಿತರವರು ೧೩ ವಯಸ್ಸಿನ ವಿಭಾಗದಲ್ಲಿ ಪ್ರಥಮ ಸ್ಥಾನ ಪಡೆದು ಕಪ್ ತಮ್ಮದಾಗಿಸಿಕೊಂಡಿದ್ದಾರೆ,
ನಗರದ ಹೊರವಲಯದ ಕುರುಬೂರಿನ ಕೃಷಿ ವಿಜ್ಞಾನ ಕೇಂದ್ರದ ವಿಜ್ಞಾನಿ ಅರುಣ ಮತ್ತು ಕಾರ್ತೀಕ್‌ರವರ ಪುತ್ರಿಯಾದ ಯಾಶಿಕಾ ಬಂಧಿತ ಅವರು ನಗರದ ಕಾಮಬುನಹಳ್ಳಿಯ ಜೈನ್ ಪಬ್ಲಿಕ್ ಶಾಲೆಯಲ್ಲಿ ೮ನೇ ತರಗತಿ ವ್ಯಾಸಂಗ ಮಾಡುತ್ತಿದ್ದಾರೆ. ಅವರು ಈಗಾಗಲೇ ತಾಲೂಕು, ಜಿಲ್ಲೆ, ವಿಭಾಗ ಮತ್ತು ಕೊನೆಯದಾಗಿ ರಾಜ್ಯಮಟ್ಟದ ಚಿನ್ನದ ಪದಕ ಪಡೆದ ರಾಷ್ಟ್ರ ಮಟ್ಟಕ್ಕೆ ಆಯ್ಕೆಯಾಗಿದ್ದಾರೆ.
ಸಂಕ್ಷಿಪ್ತ ವಾರ್ತಾ ಚಿತ್ರಲಹರಿ
ಶ್ರೀನಿವಾಸಪುರ ತಾಲೂಕಿನ ತಾಡಿಗೋಳ್ ಕ್ರಾಸ್ ಬಳಿ ಮರವೊಂದು ಆಕಸ್ಮಿಕವಾಗಿ ಧರೆಗುರುಳಿದ ೧೧ ಕೆವಿ ವಿದ್ಯುತ್ ಕಂಬ ಕಡಿದಿದ್ದು ಭಾರಿ ಅನಾಹುತ ತಪ್ಪಿದೆ. ಬೆಂಗಳೂರು–ಕಡಪ ರಾಜ್ಯ ಹೆದ್ದಾರಿಯ ತಾಡಿಗೋಳ್ ಕ್ರಾಸ್ ಬಳಿ ರಸ್ತೆ ಬದಿಯಲ್ಲಿ ಅಳವಡಿಸಿರುವ ವಿದ್ಯುತ್ ಕಂಬ ರಸ್ತೆ ಮಧ್ಯೆ ಕಡಿದು ಬಿದ್ದಿದ್ದು ೧೧ ಕೆವಿ ವಿದ್ಯುತ್ ತಂತಿ ಇನ್ಸುಲೇಟರ್ ವಿದ್ಯುತ್ ತುಂಡಾದ ಕಾರಣ ಟ್ರಿಪ್ ಆಗಿ ವಿದ್ಯುತ್ ಸರಬರಾಜು ಸ್ಥಗಿತವಾಗಿದ್ದರಿಂದ ಅನಾಹುತ ತಪ್ಪಿದೆ. ಸಾರ್ವಜನಿಕರು ಬೆಸ್ಕಾಂಗೆ ಮಾಹಿತಿ ನೀಡಿರುವ ಹಿನ್ನೆಲೆಯಲ್ಲಿ ಅಧಿಕಾರಿಗಳು ಸ್ಥಳಕ್ಕೆ ಭೇಟಿ ನೀಡಿ ಸರಿಪಡಿಸಿದರು.
ಗೌರಿಬಿದನೂರು ತಾಲೂಕಿನ ಗೆದರೆ ಗ್ರಾಮದವರ ಮೆಗ್ನರ ಅಂಜನ್ ರಾಮಚಂದ್ರ ನಾಯಕ ನಟ, ಸಾಹಿತಿ ನಾರಾಯಣರೆಡ್ಡಿ ತಿಲಕ್ ಪ್ರತಾಪ್ ಡಿ ರೆಡ್ಡಿ ನಿರ್ಮಾಣದಲ್ಲಿ ಅರಿಶ್ರಣ ಬರುಬುರಾ ಬಾಬು ಆವರ ರೆಡ್ಡಿ ಬರೆದು ಈ ತೆಲುಗು ಕೌ ಬಿಡುತ್ತ ಸಿನಿಮಾದಲ್ಲಿ ಈ ತೆಲುಗು ಚಿತ್ರದ ಹಾಡೊಂದರ ಸನ್ನಿವೇಶ ಬಂಪನಗರ ಬಾಬು ಅತ್ತಿಗೆಬೆಲೆ ನಿರ್ದೇಶನದ ಬಿ ರಶ್ಮಿಮದನಗೋಪಾಲ್ ರಶ್ಮಿಪ್ರಾಜೆಕ್ಟ್ ನಿರ್ಮಾಣದ ಬಿ ರಶ್ಮಿಮದನಗೋಪಾಲ್ ರಶ್ಮಿಪ್ರಾಜೆಕ್ಟ್ಸ್ ನಿರ್ಮಾಣ ರಾಗಿರುವ ಈ ಚಿತ್ರವನ್ನು ಗಿಜಾನ್ಸ್ ಪ್ರೊಡಕ್ಷನ್, ನೆಬುಲಾ ಸ್ಟುಡಿಯೋ, ಎಂಜಿಆರ್ ಫಿಲಂ ಬ್ಯಾನರ್‌ನಲ್ಲಿ ನಿರ್ಮಾಣ ಮಾಡಲಾಗಿದೆ.
ಕೋಲಾರ ಚಿನ್ನದ ಗಣಿ ಪ್ರದೇಶದ ಜಿಲ್ಲಾ ಪೊಲೀಸ್ ಕಚೇರಿಯಲ್ಲಿ ಮಹರ್ಷಿ ವಾಲ್ಮೀಕಿ ಜಯಂತಿ ಕಾರ್ಯಕ್ರಮವನ್ನು ಜಿಲ್ಲಾ ರಕ್ಷಣಾಧಿಕಾರಿ ಕೆ.ಎಂ. ಶಾಂತರಾಜು ಅಧ್ಯಕ್ಷತೆಯಲ್ಲಿ ಆಚರಿಸಲಾಯಿತು. ಶಾಂತರಾಜು ಅವರು ಮಹರ್ಷಿ ವಾಲ್ಮೀಕಿ ಭಾವಚಿತ್ರಕ್ಕೆ ಪುಷ್ಪಾರ್ಚನೆ ಮಾಡಿದ ನಂತರ ಮಾತನಾಡಿ, ಮಹರ್ಷಿ ವಾಲ್ಮೀಕಿ ರಾಮಾಯಣದಲ್ಲಿ ಬರೆದಿರುವ ಮೌಲ್ಯಗಳನ್ನು ಪ್ರತಿಯೊಬ್ಬರು ಅಳವಡಿಸಿಕೊಳ್ಳಬೇಕೆಂದರು. ಡಿವೈಎಸ್ಪಿ ಎಸ್.ಪಾಂಡುರಂಗ, ಸಹಾಯಕ ಆಡಳಿತಾಧಿಕಾರಿ ಜಿ.ವಿಶ್ವನಾಥ, ಶಾಖಾ ಅಧೀಕ್ಷಕಿ ಎ. ನಹೀಮಾಬಾನು, ಆಪ್ತ ಸಹಾಯಕಿ ಜಿ.ಮಮತಾ ಇತರರಿದ್ದರು.
